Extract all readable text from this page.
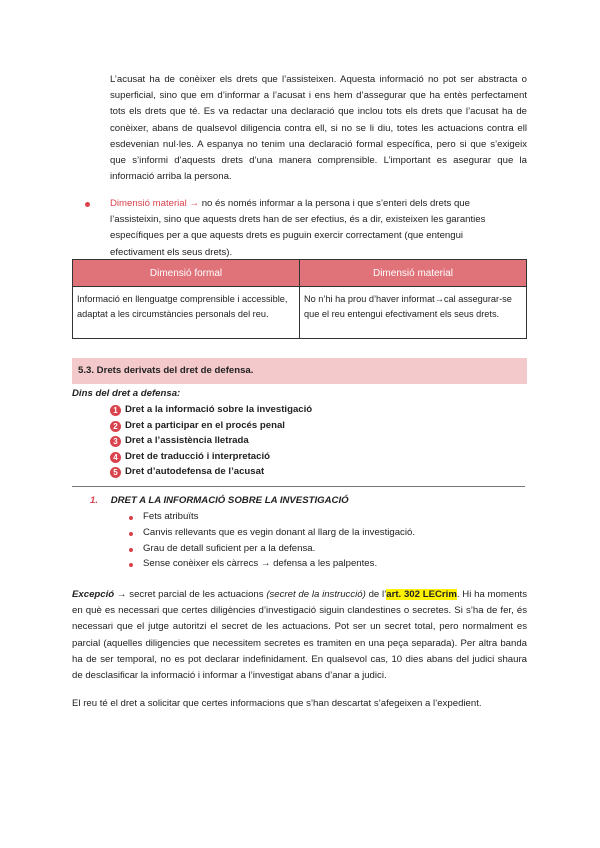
L’acusat ha de conèixer els drets que l’assisteixen. Aquesta informació no pot ser abstracta o superficial, sino que em d’informar a l’acusat i ens hem d’assegurar que ha entès perfectament tots els drets que té. Es va redactar una declaració que inclou tots els drets que l’acusat ha de conèixer, abans de qualsevol diligencia contra ell, si no se li diu, totes les actuacions contra ell esdevenian nul·les. A espanya no tenim una declaració formal específica, pero si que s’exigeix que s’informi d’aquests drets d’una manera comprensible. L’important es asegurar que la informació arriba la persona.
Dimensió material → no és només informar a la persona i que s’enteri dels drets que l’assisteixin, sino que aquests drets han de ser efectius, és a dir, existeixen les garanties específiques per a que aquests drets es puguin exercir correctament (que entengui efectivament els seus drets).
Dimensió formal	Dimensió material
Informació en llenguatge comprensible i accessible, adaptat a les circumstàncies personals del reu.	No n’hi ha prou d’haver informat→cal assegurar-se que el reu entengui efectivament els seus drets.
5.3. Drets derivats del dret de defensa.
Dins del dret a defensa:
1 Dret a la informació sobre la investigació
2 Dret a participar en el procés penal
3 Dret a l’assistència lletrada
4 Dret de traducció i interpretació
5 Dret d’autodefensa de l’acusat
1. DRET A LA INFORMACIÓ SOBRE LA INVESTIGACIÓ
Fets atribuïts
Canvis rellevants que es vegin donant al llarg de la investigació.
Grau de detall suficient per a la defensa.
Sense conèixer els càrrecs → defensa a les palpentes.
Excepció → secret parcial de les actuacions (secret de la instrucció) de l’art. 302 LECrim. Hi ha moments en què es necessari que certes diligències d’investigació siguin clandestines o secretes. Si s’ha de fer, és necessari que el jutge autoritzi el secret de les actuacions. Pot ser un secret total, pero normalment es parcial (aquelles diligencies que necessitem secretes es tramiten en una peça separada). Per altra banda ha de ser temporal, no es pot declarar indefinidament. En qualsevol cas, 10 dies abans del judici shaura de desclasificar la informació i informar a l’investigat abans d’anar a judici.
El reu té el dret a solicitar que certes informacions que s’han descartat s’afegeixen a l’expedient.
